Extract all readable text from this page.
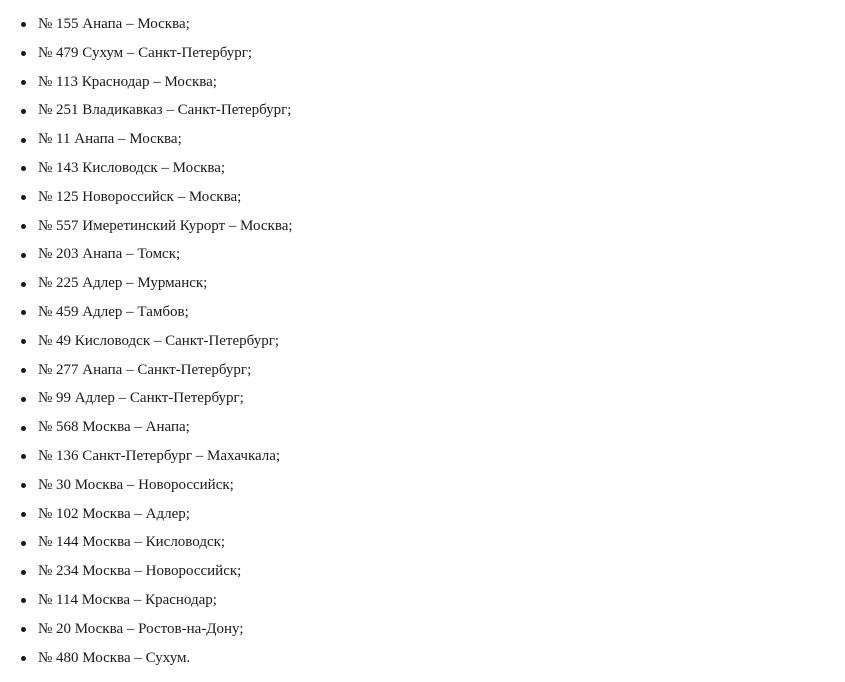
№ 155 Анапа – Москва;
№ 479 Сухум – Санкт-Петербург;
№ 113 Краснодар – Москва;
№ 251 Владикавказ – Санкт-Петербург;
№ 11 Анапа – Москва;
№ 143 Кисловодск – Москва;
№ 125 Новороссийск – Москва;
№ 557 Имеретинский Курорт – Москва;
№ 203 Анапа – Томск;
№ 225 Адлер – Мурманск;
№ 459 Адлер – Тамбов;
№ 49 Кисловодск – Санкт-Петербург;
№ 277 Анапа – Санкт-Петербург;
№ 99 Адлер – Санкт-Петербург;
№ 568 Москва – Анапа;
№ 136 Санкт-Петербург – Махачкала;
№ 30 Москва – Новороссийск;
№ 102 Москва – Адлер;
№ 144 Москва – Кисловодск;
№ 234 Москва – Новороссийск;
№ 114 Москва – Краснодар;
№ 20 Москва – Ростов-на-Дону;
№ 480 Москва – Сухум.
